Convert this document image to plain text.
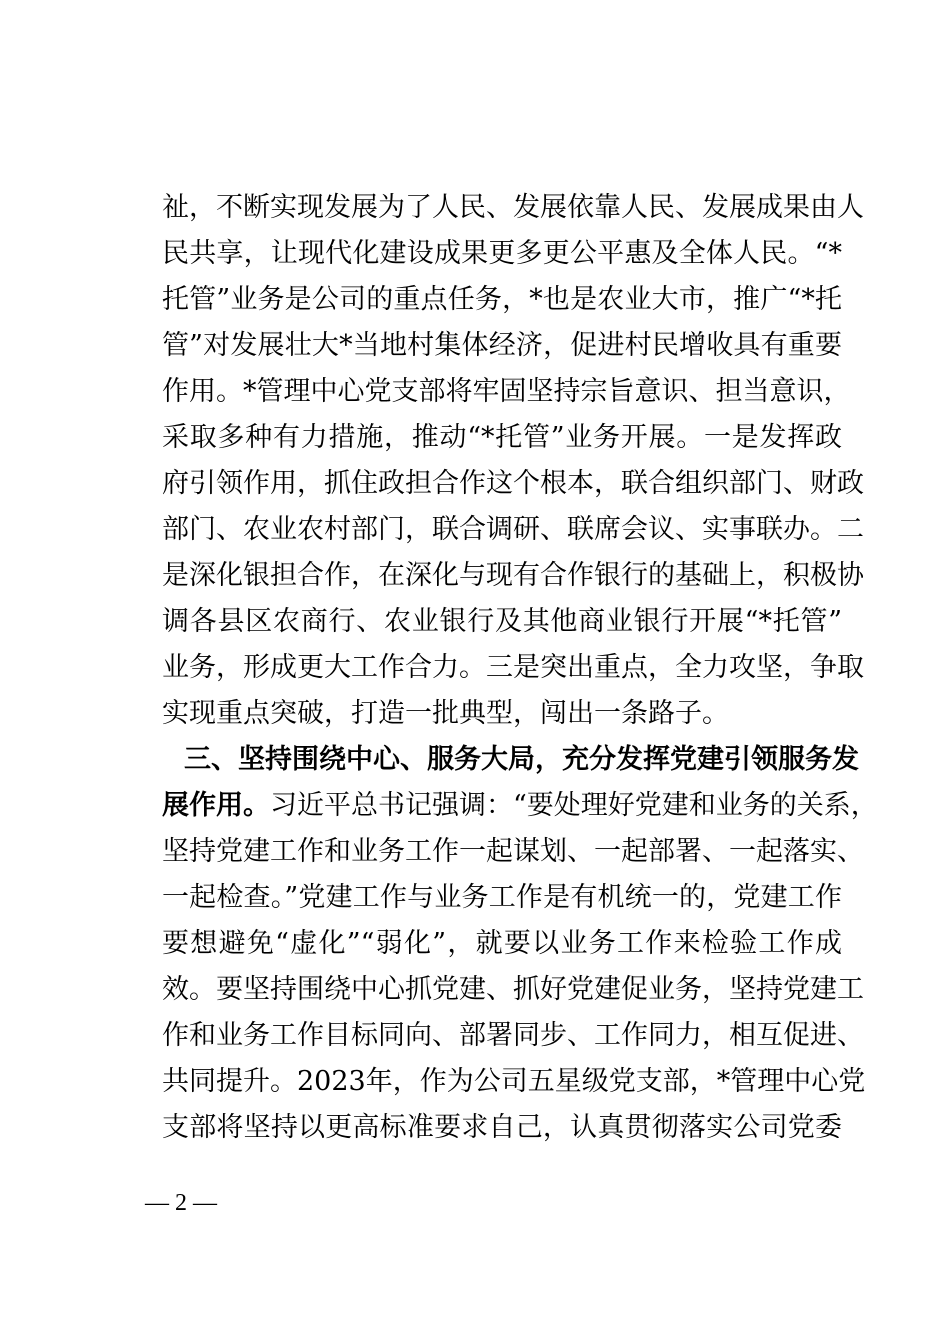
祉，不断实现发展为了人民、发展依靠人民、发展成果由人
民共享，让现代化建设成果更多更公平惠及全体人民。“*
托管”业务是公司的重点任务，*也是农业大市，推广“*托
管”对发展壮大*当地村集体经济，促进村民增收具有重要
作用。*管理中心党支部将牢固坚持宗旨意识、担当意识，
采取多种有力措施，推动“*托管”业务开展。一是发挥政
府引领作用，抓住政担合作这个根本，联合组织部门、财政
部门、农业农村部门，联合调研、联席会议、实事联办。二
是深化银担合作，在深化与现有合作银行的基础上，积极协
调各县区农商行、农业银行及其他商业银行开展“*托管”
业务，形成更大工作合力。三是突出重点，全力攻坚，争取
实现重点突破，打造一批典型，闯出一条路子。
三、坚持围绕中心、服务大局，充分发挥党建引领服务发
展作用。习近平总书记强调：“要处理好党建和业务的关系，
坚持党建工作和业务工作一起谋划、一起部署、一起落实、
一起检查。”党建工作与业务工作是有机统一的，党建工作
要想避免“虚化”“弱化”，就要以业务工作来检验工作成
效。要坚持围绕中心抓党建、抓好党建促业务，坚持党建工
作和业务工作目标同向、部署同步、工作同力，相互促进、
共同提升。2023年，作为公司五星级党支部，*管理中心党
支部将坚持以更高标准要求自己，认真贯彻落实公司党委
— 2 —
